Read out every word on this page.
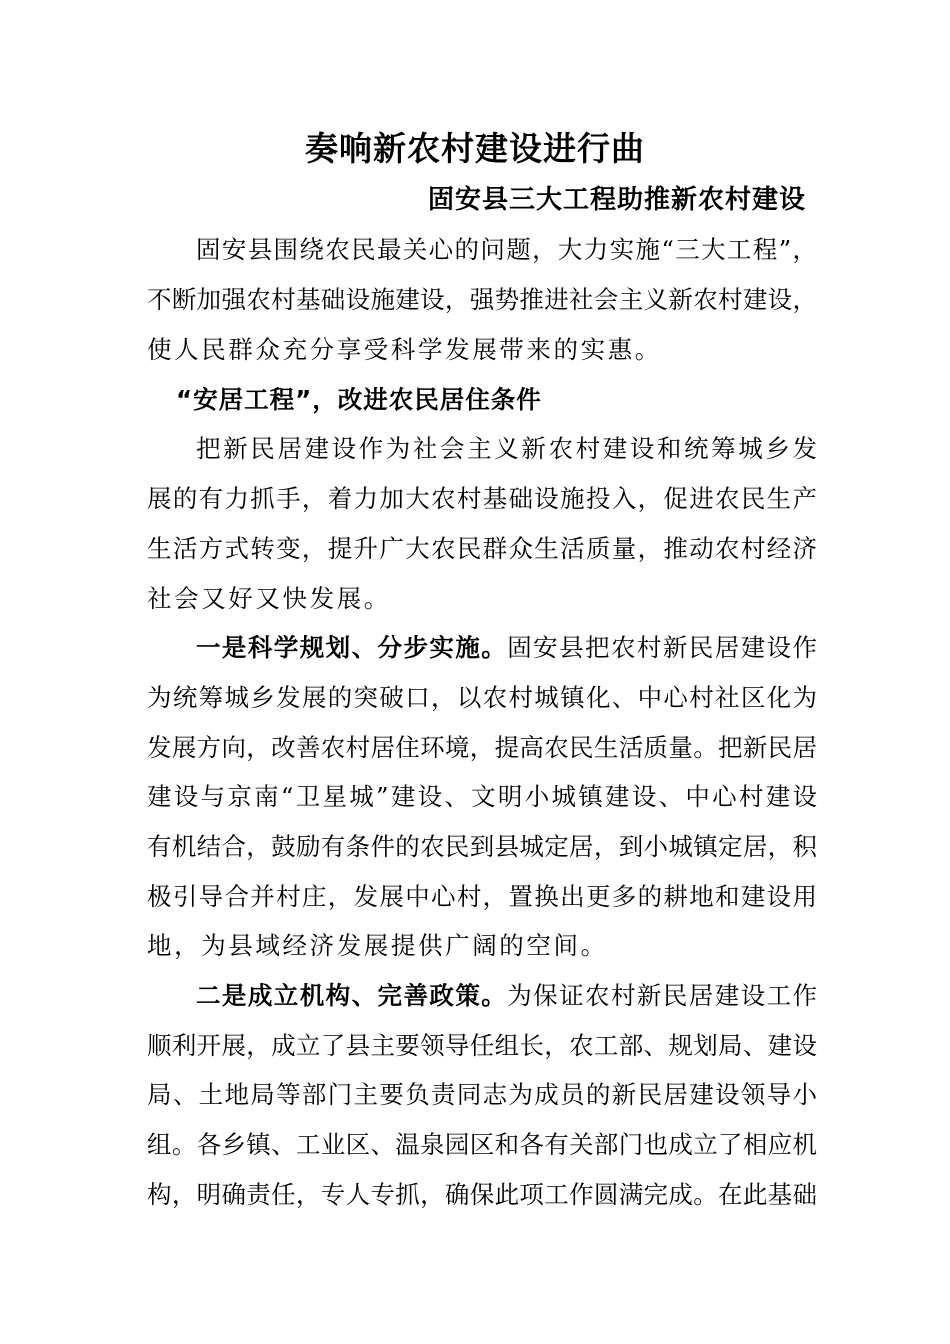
奏响新农村建设进行曲
固安县三大工程助推新农村建设
固安县围绕农民最关心的问题，大力实施“三大工程”，
不断加强农村基础设施建设，强势推进社会主义新农村建设，
使人民群众充分享受科学发展带来的实惠。
“安居工程”，改进农民居住条件
把新民居建设作为社会主义新农村建设和统筹城乡发
展的有力抓手，着力加大农村基础设施投入，促进农民生产
生活方式转变，提升广大农民群众生活质量，推动农村经济
社会又好又快发展。
一是科学规划、分步实施。固安县把农村新民居建设作
为统筹城乡发展的突破口，以农村城镇化、中心村社区化为
发展方向，改善农村居住环境，提高农民生活质量。把新民居
建设与京南“卫星城”建设、文明小城镇建设、中心村建设
有机结合，鼓励有条件的农民到县城定居，到小城镇定居，积
极引导合并村庄，发展中心村，置换出更多的耕地和建设用
地，为县域经济发展提供广阔的空间。
二是成立机构、完善政策。为保证农村新民居建设工作
顺利开展，成立了县主要领导任组长，农工部、规划局、建设
局、土地局等部门主要负责同志为成员的新民居建设领导小
组。各乡镇、工业区、温泉园区和各有关部门也成立了相应机
构，明确责任，专人专抓，确保此项工作圆满完成。在此基础
